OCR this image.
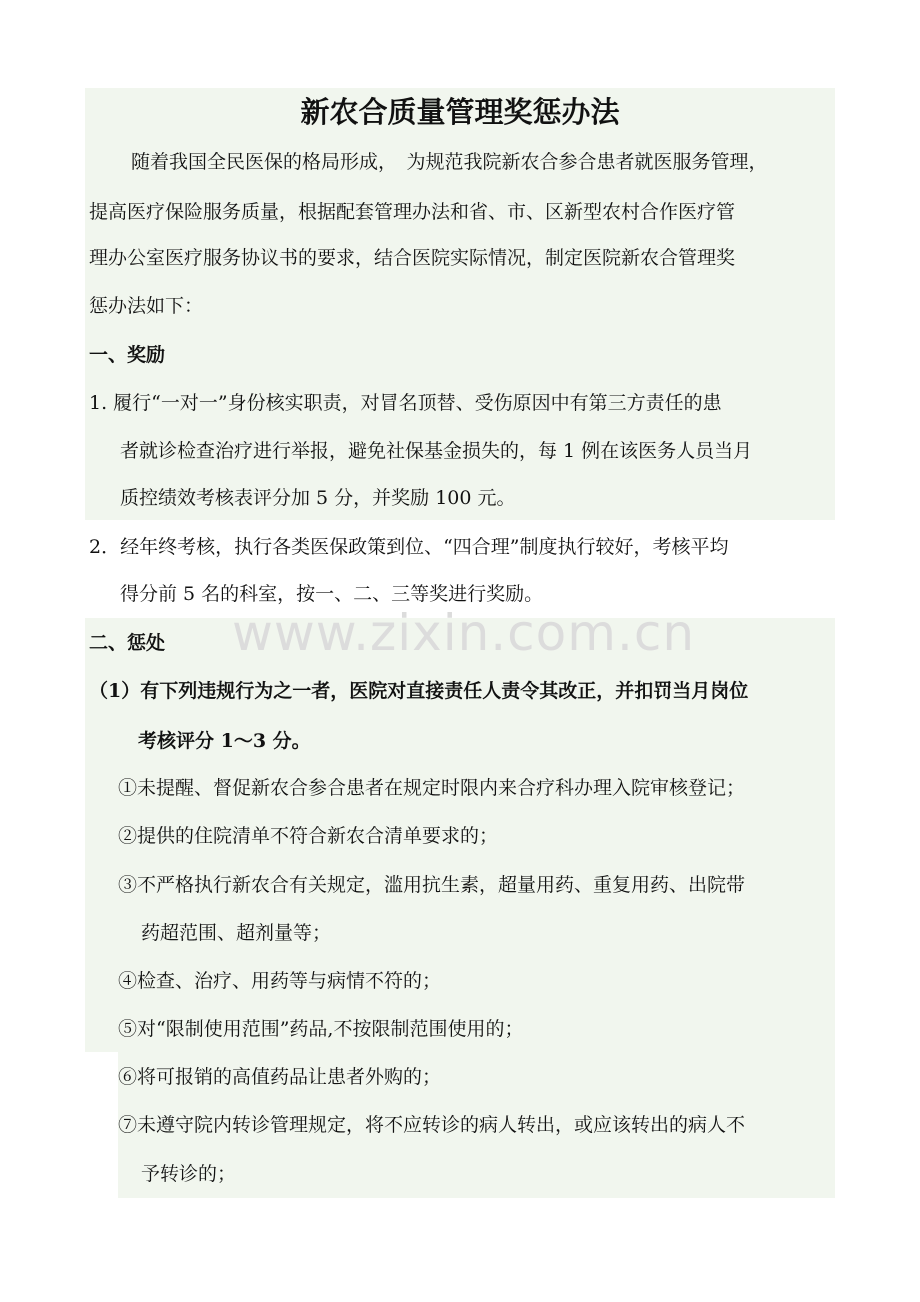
www.zixin.com.cn
新农合质量管理奖惩办法
随着我国全民医保的格局形成，　为规范我院新农合参合患者就医服务管理，
提高医疗保险服务质量，根据配套管理办法和省、市、区新型农村合作医疗管
理办公室医疗服务协议书的要求，结合医院实际情况，制定医院新农合管理奖
惩办法如下：
一、奖励
1. 履行“一对一”身份核实职责，对冒名顶替、受伤原因中有第三方责任的患
者就诊检查治疗进行举报，避免社保基金损失的，每 1 例在该医务人员当月
质控绩效考核表评分加 5 分，并奖励 100 元。
2．经年终考核，执行各类医保政策到位、“四合理”制度执行较好，考核平均
得分前 5 名的科室，按一、二、三等奖进行奖励。
二、惩处
（1）有下列违规行为之一者，医院对直接责任人责令其改正，并扣罚当月岗位
考核评分 1～3 分。
①未提醒、督促新农合参合患者在规定时限内来合疗科办理入院审核登记；
②提供的住院清单不符合新农合清单要求的；
③不严格执行新农合有关规定，滥用抗生素，超量用药、重复用药、出院带
药超范围、超剂量等；
④检查、治疗、用药等与病情不符的；
⑤对“限制使用范围”药品,不按限制范围使用的；
⑥将可报销的高值药品让患者外购的；
⑦未遵守院内转诊管理规定，将不应转诊的病人转出，或应该转出的病人不
予转诊的；
